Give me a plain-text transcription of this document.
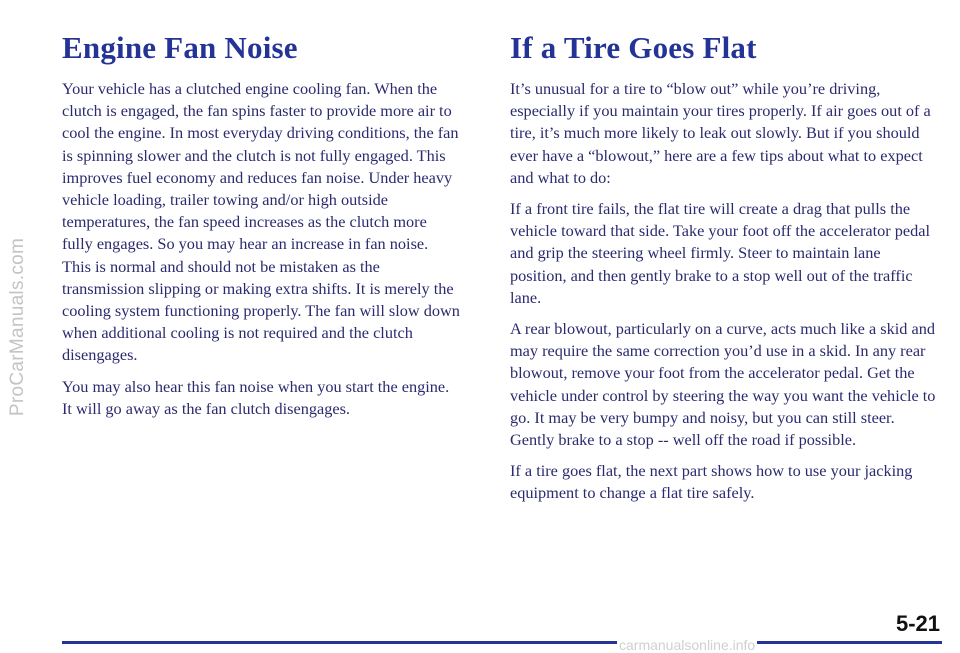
ProCarManuals.com
Engine Fan Noise

Your vehicle has a clutched engine cooling fan. When the clutch is engaged, the fan spins faster to provide more air to cool the engine. In most everyday driving conditions, the fan is spinning slower and the clutch is not fully engaged. This improves fuel economy and reduces fan noise. Under heavy vehicle loading, trailer towing and/or high outside temperatures, the fan speed increases as the clutch more fully engages. So you may hear an increase in fan noise. This is normal and should not be mistaken as the transmission slipping or making extra shifts. It is merely the cooling system functioning properly. The fan will slow down when additional cooling is not required and the clutch disengages.

You may also hear this fan noise when you start the engine. It will go away as the fan clutch disengages.

If a Tire Goes Flat

It’s unusual for a tire to “blow out” while you’re driving, especially if you maintain your tires properly. If air goes out of a tire, it’s much more likely to leak out slowly. But if you should ever have a “blowout,” here are a few tips about what to expect and what to do:

If a front tire fails, the flat tire will create a drag that pulls the vehicle toward that side. Take your foot off the accelerator pedal and grip the steering wheel firmly. Steer to maintain lane position, and then gently brake to a stop well out of the traffic lane.

A rear blowout, particularly on a curve, acts much like a skid and may require the same correction you’d use in a skid. In any rear blowout, remove your foot from the accelerator pedal. Get the vehicle under control by steering the way you want the vehicle to go. It may be very bumpy and noisy, but you can still steer. Gently brake to a stop -- well off the road if possible.

If a tire goes flat, the next part shows how to use your jacking equipment to change a flat tire safely.

5-21
carmanualsonline.info
